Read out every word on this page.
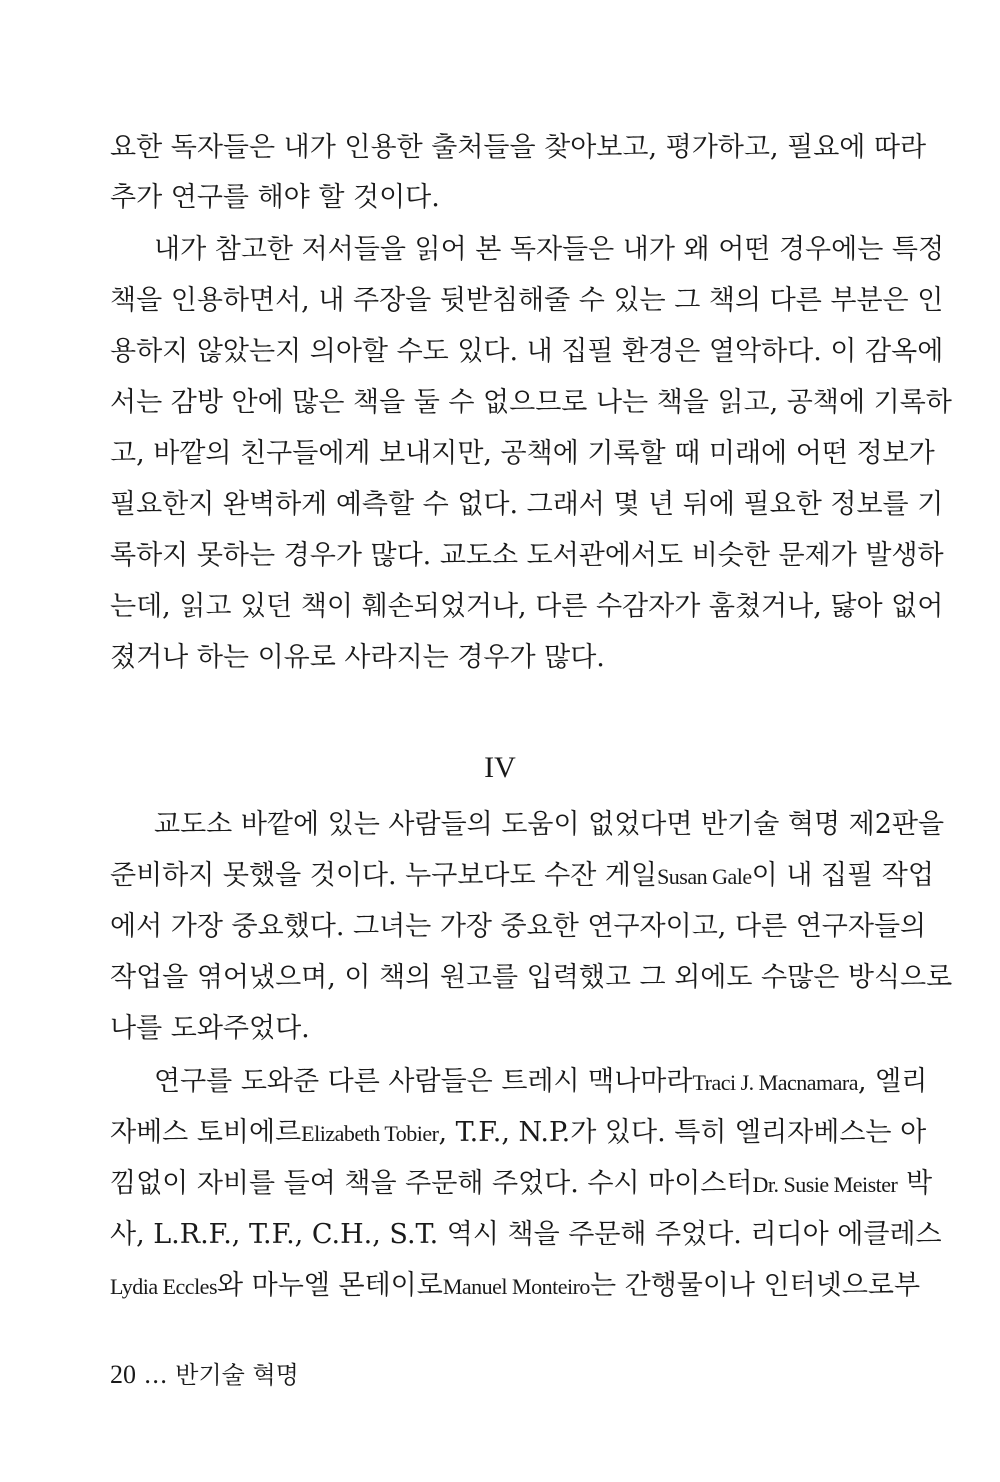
요한 독자들은 내가 인용한 출처들을 찾아보고, 평가하고, 필요에 따라
추가 연구를 해야 할 것이다.
내가 참고한 저서들을 읽어 본 독자들은 내가 왜 어떤 경우에는 특정
책을 인용하면서, 내 주장을 뒷받침해줄 수 있는 그 책의 다른 부분은 인
용하지 않았는지 의아할 수도 있다. 내 집필 환경은 열악하다. 이 감옥에
서는 감방 안에 많은 책을 둘 수 없으므로 나는 책을 읽고, 공책에 기록하
고, 바깥의 친구들에게 보내지만, 공책에 기록할 때 미래에 어떤 정보가
필요한지 완벽하게 예측할 수 없다. 그래서 몇 년 뒤에 필요한 정보를 기
록하지 못하는 경우가 많다. 교도소 도서관에서도 비슷한 문제가 발생하
는데, 읽고 있던 책이 훼손되었거나, 다른 수감자가 훔쳤거나, 닳아 없어
졌거나 하는 이유로 사라지는 경우가 많다.
IV
교도소 바깥에 있는 사람들의 도움이 없었다면 반기술 혁명 제2판을
준비하지 못했을 것이다. 누구보다도 수잔 게일Susan Gale이 내 집필 작업
에서 가장 중요했다. 그녀는 가장 중요한 연구자이고, 다른 연구자들의
작업을 엮어냈으며, 이 책의 원고를 입력했고 그 외에도 수많은 방식으로
나를 도와주었다.
연구를 도와준 다른 사람들은 트레시 맥나마라Traci J. Macnamara, 엘리
자베스 토비에르Elizabeth Tobier, T.F., N.P.가 있다. 특히 엘리자베스는 아
낌없이 자비를 들여 책을 주문해 주었다. 수시 마이스터Dr. Susie Meister 박
사, L.R.F., T.F., C.H., S.T. 역시 책을 주문해 주었다. 리디아 에클레스
Lydia Eccles와 마누엘 몬테이로Manuel Monteiro는 간행물이나 인터넷으로부
20 … 반기술 혁명
